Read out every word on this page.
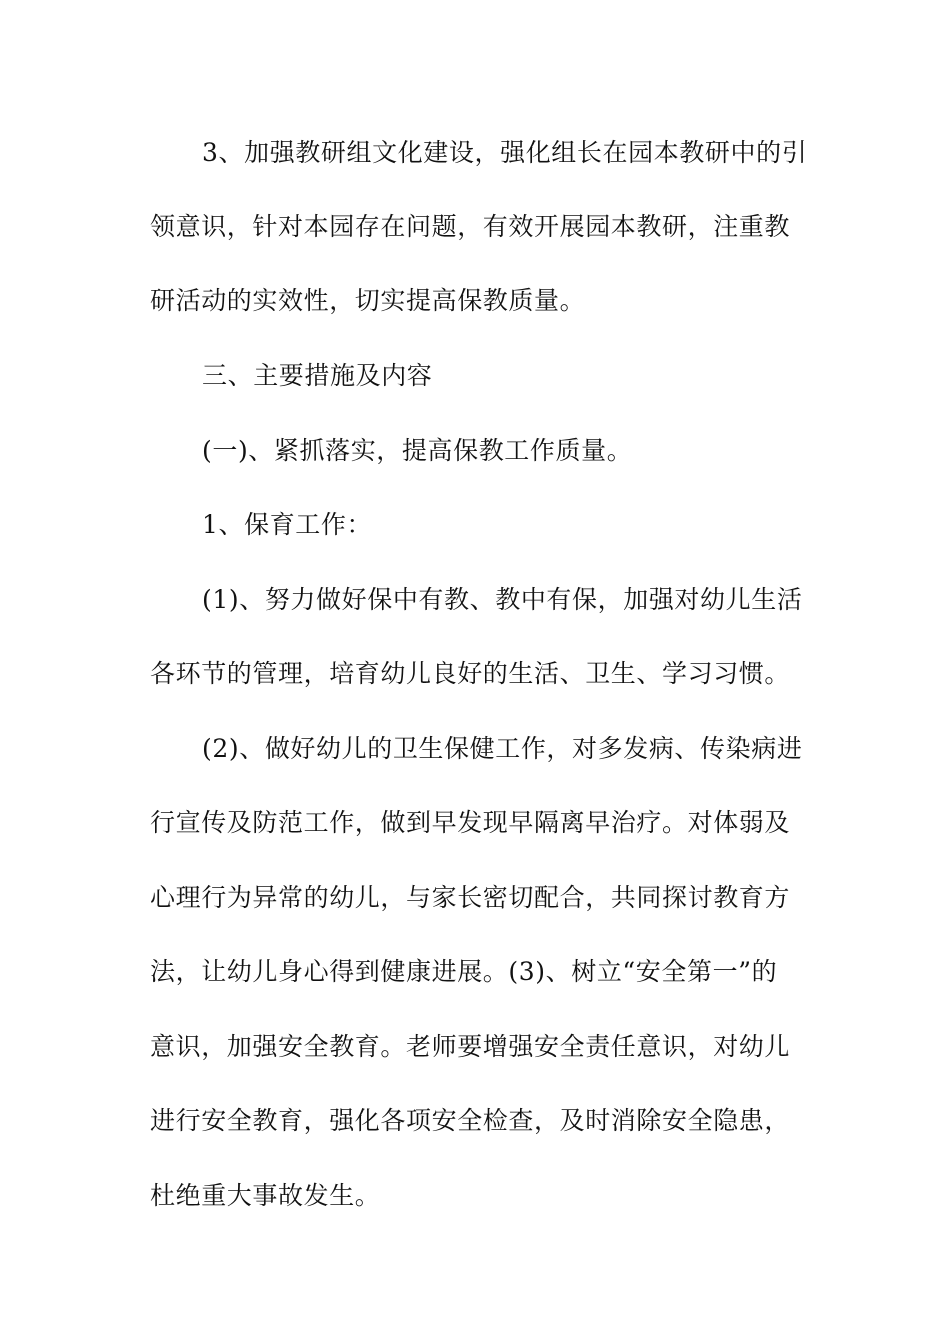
3、加强教研组文化建设，强化组长在园本教研中的引
领意识，针对本园存在问题，有效开展园本教研，注重教
研活动的实效性，切实提高保教质量。
三、主要措施及内容
(一)、紧抓落实，提高保教工作质量。
1、保育工作：
(1)、努力做好保中有教、教中有保，加强对幼儿生活
各环节的管理，培育幼儿良好的生活、卫生、学习习惯。
(2)、做好幼儿的卫生保健工作，对多发病、传染病进
行宣传及防范工作，做到早发现早隔离早治疗。对体弱及
心理行为异常的幼儿，与家长密切配合，共同探讨教育方
法，让幼儿身心得到健康进展。(3)、树立“安全第一”的
意识，加强安全教育。老师要增强安全责任意识，对幼儿
进行安全教育，强化各项安全检查，及时消除安全隐患，
杜绝重大事故发生。
